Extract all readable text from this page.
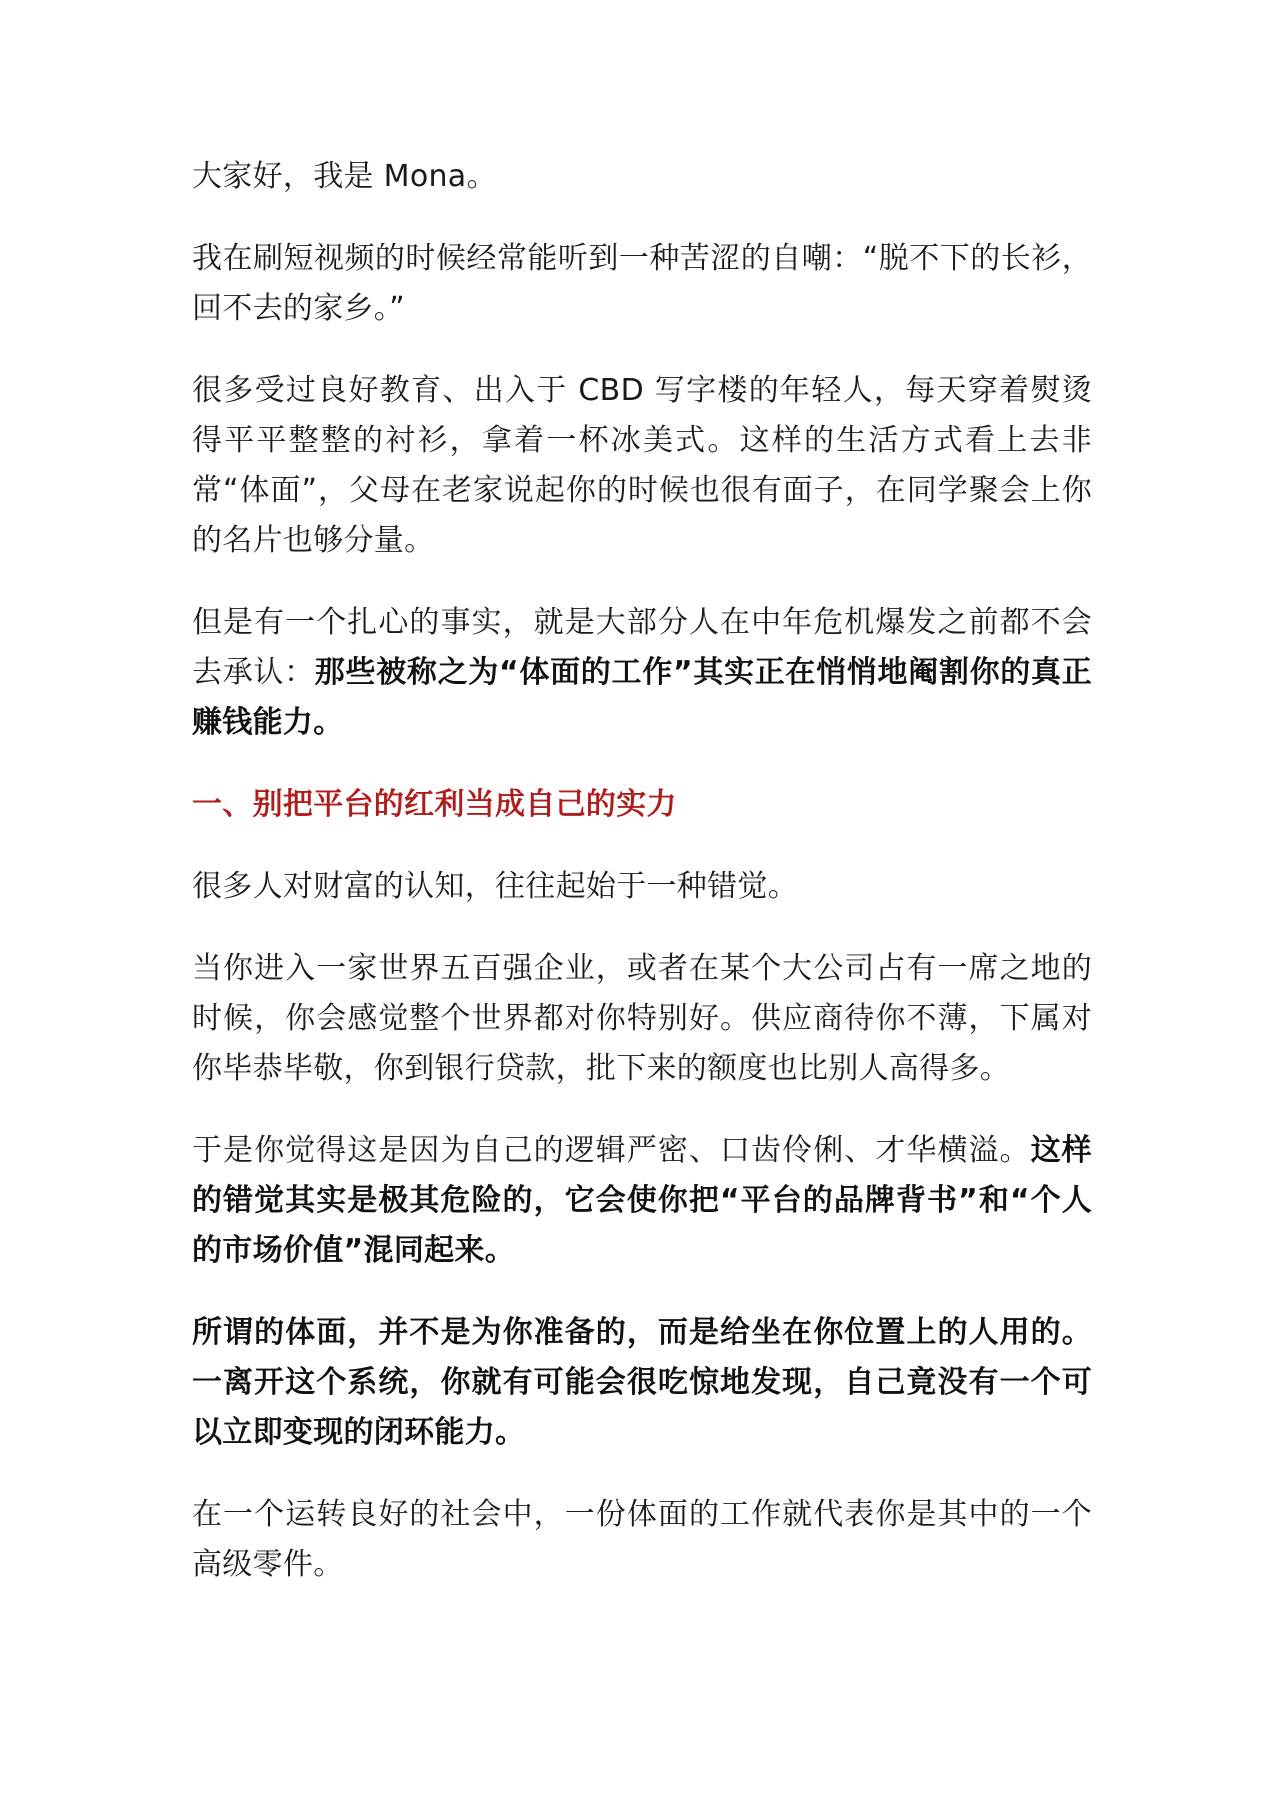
大家好，我是 Mona。

我在刷短视频的时候经常能听到一种苦涩的自嘲：“脱不下的长衫，回不去的家乡。”

很多受过良好教育、出入于 CBD 写字楼的年轻人，每天穿着熨烫得平平整整的衬衫，拿着一杯冰美式。这样的生活方式看上去非常“体面”，父母在老家说起你的时候也很有面子，在同学聚会上你的名片也够分量。

但是有一个扎心的事实，就是大部分人在中年危机爆发之前都不会去承认：那些被称之为“体面的工作”其实正在悄悄地阉割你的真正赚钱能力。

一、别把平台的红利当成自己的实力

很多人对财富的认知，往往起始于一种错觉。

当你进入一家世界五百强企业，或者在某个大公司占有一席之地的时候，你会感觉整个世界都对你特别好。供应商待你不薄，下属对你毕恭毕敬，你到银行贷款，批下来的额度也比别人高得多。

于是你觉得这是因为自己的逻辑严密、口齿伶俐、才华横溢。这样的错觉其实是极其危险的，它会使你把“平台的品牌背书”和“个人的市场价值”混同起来。

所谓的体面，并不是为你准备的，而是给坐在你位置上的人用的。一离开这个系统，你就有可能会很吃惊地发现，自己竟没有一个可以立即变现的闭环能力。

在一个运转良好的社会中，一份体面的工作就代表你是其中的一个高级零件。
